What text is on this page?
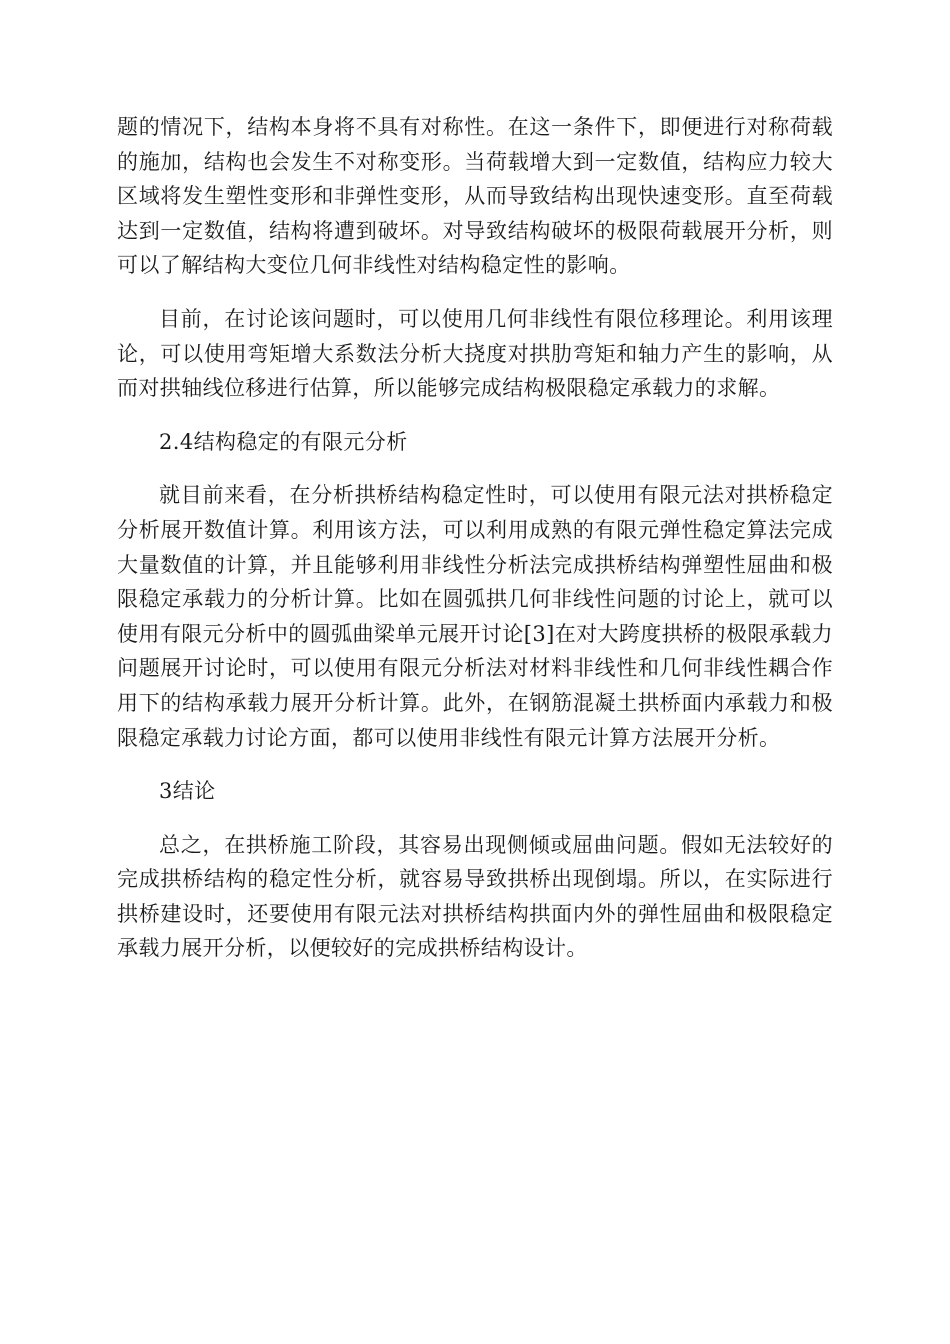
题的情况下，结构本身将不具有对称性。在这一条件下，即便进行对称荷载的施加，结构也会发生不对称变形。当荷载增大到一定数值，结构应力较大区域将发生塑性变形和非弹性变形，从而导致结构出现快速变形。直至荷载达到一定数值，结构将遭到破坏。对导致结构破坏的极限荷载展开分析，则可以了解结构大变位几何非线性对结构稳定性的影响。

目前，在讨论该问题时，可以使用几何非线性有限位移理论。利用该理论，可以使用弯矩增大系数法分析大挠度对拱肋弯矩和轴力产生的影响，从而对拱轴线位移进行估算，所以能够完成结构极限稳定承载力的求解。

2.4结构稳定的有限元分析

就目前来看，在分析拱桥结构稳定性时，可以使用有限元法对拱桥稳定分析展开数值计算。利用该方法，可以利用成熟的有限元弹性稳定算法完成大量数值的计算，并且能够利用非线性分析法完成拱桥结构弹塑性屈曲和极限稳定承载力的分析计算。比如在圆弧拱几何非线性问题的讨论上，就可以使用有限元分析中的圆弧曲梁单元展开讨论[3]在对大跨度拱桥的极限承载力问题展开讨论时，可以使用有限元分析法对材料非线性和几何非线性耦合作用下的结构承载力展开分析计算。此外，在钢筋混凝土拱桥面内承载力和极限稳定承载力讨论方面，都可以使用非线性有限元计算方法展开分析。

3结论

总之，在拱桥施工阶段，其容易出现侧倾或屈曲问题。假如无法较好的完成拱桥结构的稳定性分析，就容易导致拱桥出现倒塌。所以，在实际进行拱桥建设时，还要使用有限元法对拱桥结构拱面内外的弹性屈曲和极限稳定承载力展开分析，以便较好的完成拱桥结构设计。
